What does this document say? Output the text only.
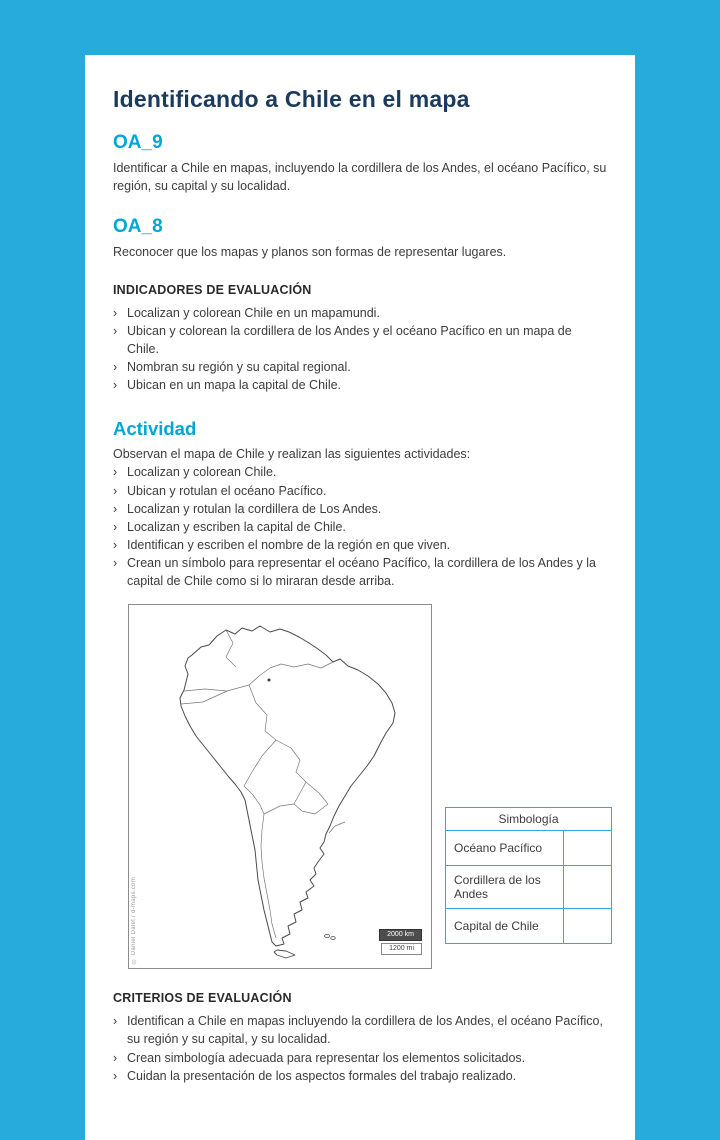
Identificando a Chile en el mapa
OA_9

Identificar a Chile en mapas, incluyendo la cordillera de los Andes, el océano Pacífico, su región, su capital y su localidad.

OA_8

Reconocer que los mapas y planos son formas de representar lugares.

INDICADORES DE EVALUACIÓN
› Localizan y colorean Chile en un mapamundi.
› Ubican y colorean la cordillera de los Andes y el océano Pacífico en un mapa de Chile.
› Nombran su región y su capital regional.
› Ubican en un mapa la capital de Chile.
Actividad

Observan el mapa de Chile y realizan las siguientes actividades:

› Localizan y colorean Chile.
› Ubican y rotulan el océano Pacífico.
› Localizan y rotulan la cordillera de Los Andes.
› Localizan y escriben la capital de Chile.
› Identifican y escriben el nombre de la región en que viven.
› Crean un símbolo para representar el océano Pacífico, la cordillera de los Andes y la capital de Chile como si lo miraran desde arriba.
2000 km
1200 mi
© Daniel Dalet / d-maps.com
CRITERIOS DE EVALUACIÓN
› Identifican a Chile en mapas incluyendo la cordillera de los Andes, el océano Pacífico, su región y su capital, y su localidad.
› Crean simbología adecuada para representar los elementos solicitados.
› Cuidan la presentación de los aspectos formales del trabajo realizado.
Simbología	
Océano Pacífico	
Cordillera de los Andes	
Capital de Chile	
